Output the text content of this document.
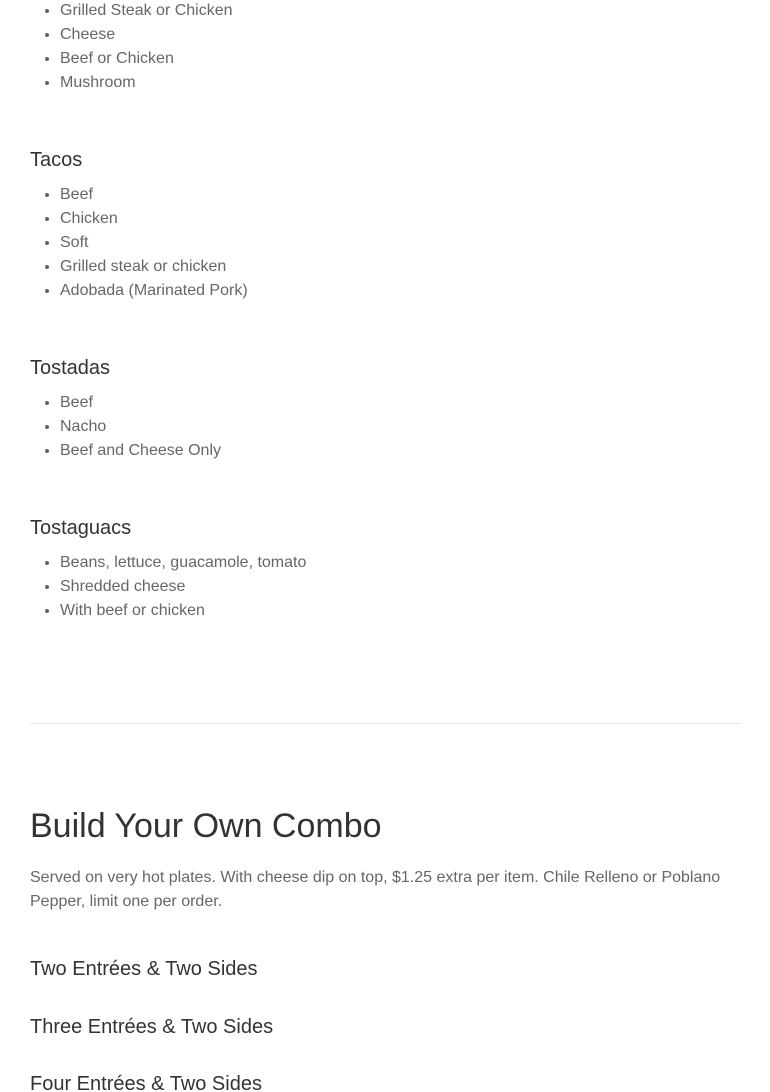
• Grilled Steak or Chicken
• Cheese
• Beef or Chicken
• Mushroom
Tacos
• Beef
• Chicken
• Soft
• Grilled steak or chicken
• Adobada (Marinated Pork)
Tostadas
• Beef
• Nacho
• Beef and Cheese Only
Tostaguacs
• Beans, lettuce, guacamole, tomato
• Shredded cheese
• With beef or chicken
Build Your Own Combo

Served on very hot plates. With cheese dip on top, $1.25 extra per item. Chile Relleno or Poblano Pepper, limit one per order.

Two Entrées & Two Sides
Three Entrées & Two Sides
Four Entrées & Two Sides
